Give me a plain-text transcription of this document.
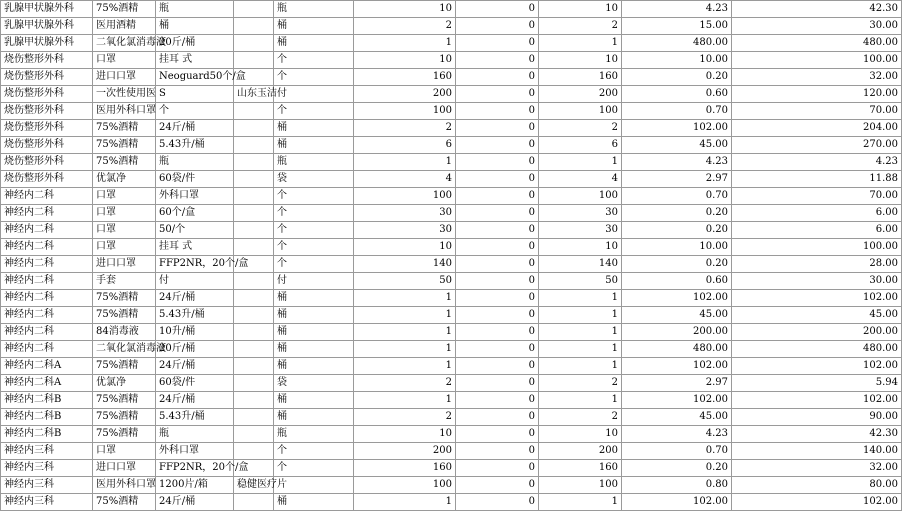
乳腺甲状腺外科	75%酒精	瓶		瓶	10	0	10	4.23	42.30
乳腺甲状腺外科	医用酒精	桶		桶	2	0	2	15.00	30.00
乳腺甲状腺外科	二氧化氯消毒液	20斤/桶		桶	1	0	1	480.00	480.00
烧伤整形外科	口罩	挂耳 式		个	10	0	10	10.00	100.00
烧伤整形外科	进口口罩	Neoguard50个/盒		个	160	0	160	0.20	32.00
烧伤整形外科	一次性使用医	S	山东玉洁	付	200	0	200	0.60	120.00
烧伤整形外科	医用外科口罩	个		个	100	0	100	0.70	70.00
烧伤整形外科	75%酒精	24斤/桶		桶	2	0	2	102.00	204.00
烧伤整形外科	75%酒精	5.43升/桶		桶	6	0	6	45.00	270.00
烧伤整形外科	75%酒精	瓶		瓶	1	0	1	4.23	4.23
烧伤整形外科	优氯净	60袋/件		袋	4	0	4	2.97	11.88
神经内二科	口罩	外科口罩		个	100	0	100	0.70	70.00
神经内二科	口罩	60个/盒		个	30	0	30	0.20	6.00
神经内二科	口罩	50/个		个	30	0	30	0.20	6.00
神经内二科	口罩	挂耳 式		个	10	0	10	10.00	100.00
神经内二科	进口口罩	FFP2NR，20个/盒		个	140	0	140	0.20	28.00
神经内二科	手套	付		付	50	0	50	0.60	30.00
神经内二科	75%酒精	24斤/桶		桶	1	0	1	102.00	102.00
神经内二科	75%酒精	5.43升/桶		桶	1	0	1	45.00	45.00
神经内二科	84消毒液	10升/桶		桶	1	0	1	200.00	200.00
神经内二科	二氧化氯消毒液	20斤/桶		桶	1	0	1	480.00	480.00
神经内二科A	75%酒精	24斤/桶		桶	1	0	1	102.00	102.00
神经内二科A	优氯净	60袋/件		袋	2	0	2	2.97	5.94
神经内二科B	75%酒精	24斤/桶		桶	1	0	1	102.00	102.00
神经内二科B	75%酒精	5.43升/桶		桶	2	0	2	45.00	90.00
神经内二科B	75%酒精	瓶		瓶	10	0	10	4.23	42.30
神经内三科	口罩	外科口罩		个	200	0	200	0.70	140.00
神经内三科	进口口罩	FFP2NR，20个/盒		个	160	0	160	0.20	32.00
神经内三科	医用外科口罩	1200片/箱	稳健医疗	片	100	0	100	0.80	80.00
神经内三科	75%酒精	24斤/桶		桶	1	0	1	102.00	102.00
